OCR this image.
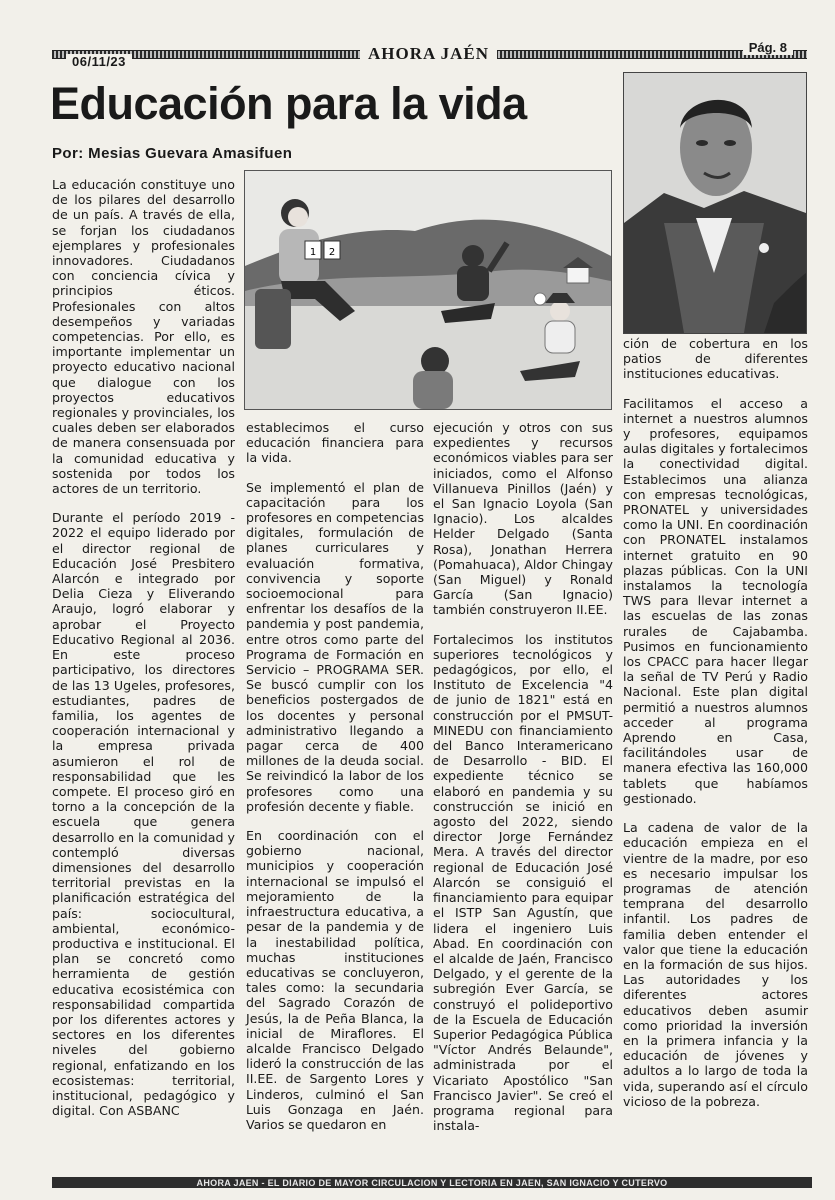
06/11/23	AHORA JAÉN	Pág. 8
Educación para la vida
Por: Mesias Guevara Amasifuen
1 2

La educación constituye uno de los pilares del desarrollo de un país. A través de ella, se forjan los ciudadanos ejemplares y profesionales innovadores. Ciudadanos con conciencia cívica y principios éticos. Profesionales con altos desempeños y variadas competencias. Por ello, es importante implementar un proyecto educativo nacional que dialogue con los proyectos educativos regionales y provinciales, los cuales deben ser elaborados de manera consensuada por la comunidad educativa y sostenida por todos los actores de un territorio.

Durante el período 2019 - 2022 el equipo liderado por el director regional de Educación José Presbitero Alarcón e integrado por Delia Cieza y Eliverando Araujo, logró elaborar y aprobar el Proyecto Educativo Regional al 2036. En este proceso participativo, los directores de las 13 Ugeles, profesores, estudiantes, padres de familia, los agentes de cooperación internacional y la empresa privada asumieron el rol de responsabilidad que les compete. El proceso giró en torno a la concepción de la escuela que genera desarrollo en la comunidad y contempló diversas dimensiones del desarrollo territorial previstas en la planificación estratégica del país: sociocultural, ambiental, económico-productiva e institucional. El plan se concretó como herramienta de gestión educativa ecosistémica con responsabilidad compartida por los diferentes actores y sectores en los diferentes niveles del gobierno regional, enfatizando en los ecosistemas: territorial, institucional, pedagógico y digital. Con ASBANC

establecimos el curso educación financiera para la vida.

Se implementó el plan de capacitación para los profesores en competencias digitales, formulación de planes curriculares y evaluación formativa, convivencia y soporte socioemocional para enfrentar los desafíos de la pandemia y post pandemia, entre otros como parte del Programa de Formación en Servicio – PROGRAMA SER. Se buscó cumplir con los beneficios postergados de los docentes y personal administrativo llegando a pagar cerca de 400 millones de la deuda social. Se reivindicó la labor de los profesores como una profesión decente y fiable.

En coordinación con el gobierno nacional, municipios y cooperación internacional se impulsó el mejoramiento de la infraestructura educativa, a pesar de la pandemia y de la inestabilidad política, muchas instituciones educativas se concluyeron, tales como: la secundaria del Sagrado Corazón de Jesús, la de Peña Blanca, la inicial de Miraflores. El alcalde Francisco Delgado lideró la construcción de las II.EE. de Sargento Lores y Linderos, culminó el San Luis Gonzaga en Jaén. Varios se quedaron en

ejecución y otros con sus expedientes y recursos económicos viables para ser iniciados, como el Alfonso Villanueva Pinillos (Jaén) y el San Ignacio Loyola (San Ignacio). Los alcaldes Helder Delgado (Santa Rosa), Jonathan Herrera (Pomahuaca), Aldor Chingay (San Miguel) y Ronald García (San Ignacio) también construyeron II.EE.

Fortalecimos los institutos superiores tecnológicos y pedagógicos, por ello, el Instituto de Excelencia "4 de junio de 1821" está en construcción por el PMSUT-MINEDU con financiamiento del Banco Interamericano de Desarrollo - BID. El expediente técnico se elaboró en pandemia y su construcción se inició en agosto del 2022, siendo director Jorge Fernández Mera. A través del director regional de Educación José Alarcón se consiguió el financiamiento para equipar el ISTP San Agustín, que lidera el ingeniero Luis Abad. En coordinación con el alcalde de Jaén, Francisco Delgado, y el gerente de la subregión Ever García, se construyó el polideportivo de la Escuela de Educación Superior Pedagógica Pública "Víctor Andrés Belaunde", administrada por el Vicariato Apostólico "San Francisco Javier". Se creó el programa regional para instala-

ción de cobertura en los patios de diferentes instituciones educativas.

Facilitamos el acceso a internet a nuestros alumnos y profesores, equipamos aulas digitales y fortalecimos la conectividad digital. Establecimos una alianza con empresas tecnológicas, PRONATEL y universidades como la UNI. En coordinación con PRONATEL instalamos internet gratuito en 90 plazas públicas. Con la UNI instalamos la tecnología TWS para llevar internet a las escuelas de las zonas rurales de Cajabamba. Pusimos en funcionamiento los CPACC para hacer llegar la señal de TV Perú y Radio Nacional. Este plan digital permitió a nuestros alumnos acceder al programa Aprendo en Casa, facilitándoles usar de manera efectiva las 160,000 tablets que habíamos gestionado.

La cadena de valor de la educación empieza en el vientre de la madre, por eso es necesario impulsar los programas de atención temprana del desarrollo infantil. Los padres de familia deben entender el valor que tiene la educación en la formación de sus hijos. Las autoridades y los diferentes actores educativos deben asumir como prioridad la inversión en la primera infancia y la educación de jóvenes y adultos a lo largo de toda la vida, superando así el círculo vicioso de la pobreza.

AHORA JAEN - EL DIARIO DE MAYOR CIRCULACION Y LECTORIA EN JAEN, SAN IGNACIO Y CUTERVO
